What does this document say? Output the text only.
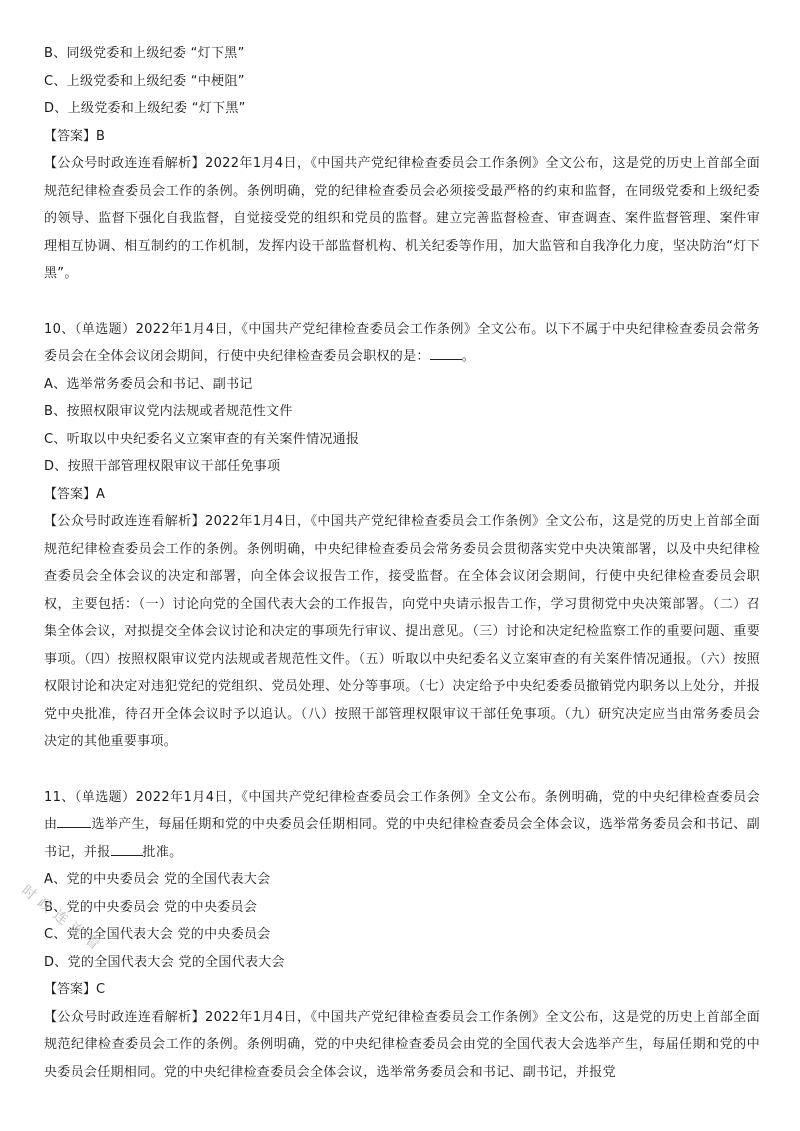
B、同级党委和上级纪委 “灯下黑”
C、上级党委和上级纪委 “中梗阻”
D、上级党委和上级纪委 “灯下黑”
【答案】B
【公众号时政连连看解析】2022年1月4日，《中国共产党纪律检查委员会工作条例》全文公布，这是党的历史上首部全面规范纪律检查委员会工作的条例。条例明确，党的纪律检查委员会必须接受最严格的约束和监督，在同级党委和上级纪委的领导、监督下强化自我监督，自觉接受党的组织和党员的监督。建立完善监督检查、审查调查、案件监督管理、案件审理相互协调、相互制约的工作机制，发挥内设干部监督机构、机关纪委等作用，加大监管和自我净化力度，坚决防治“灯下黑”。
10、（单选题）2022年1月4日，《中国共产党纪律检查委员会工作条例》全文公布。以下不属于中央纪律检查委员会常务委员会在全体会议闭会期间，行使中央纪律检查委员会职权的是： 。
A、选举常务委员会和书记、副书记
B、按照权限审议党内法规或者规范性文件
C、听取以中央纪委名义立案审查的有关案件情况通报
D、按照干部管理权限审议干部任免事项
【答案】A
【公众号时政连连看解析】2022年1月4日，《中国共产党纪律检查委员会工作条例》全文公布，这是党的历史上首部全面规范纪律检查委员会工作的条例。条例明确，中央纪律检查委员会常务委员会贯彻落实党中央决策部署，以及中央纪律检查委员会全体会议的决定和部署，向全体会议报告工作，接受监督。在全体会议闭会期间，行使中央纪律检查委员会职权，主要包括：（一）讨论向党的全国代表大会的工作报告，向党中央请示报告工作，学习贯彻党中央决策部署。（二）召集全体会议，对拟提交全体会议讨论和决定的事项先行审议、提出意见。（三）讨论和决定纪检监察工作的重要问题、重要事项。（四）按照权限审议党内法规或者规范性文件。（五）听取以中央纪委名义立案审查的有关案件情况通报。（六）按照权限讨论和决定对违犯党纪的党组织、党员处理、处分等事项。（七）决定给予中央纪委委员撤销党内职务以上处分，并报党中央批准，待召开全体会议时予以追认。（八）按照干部管理权限审议干部任免事项。（九）研究决定应当由常务委员会决定的其他重要事项。
11、（单选题）2022年1月4日，《中国共产党纪律检查委员会工作条例》全文公布。条例明确，党的中央纪律检查委员会由	选举产生，每届任期和党的中央委员会任期相同。党的中央纪律检查委员会全体会议，选举常务委员会和书记、副书记，并报 批准。
A、党的中央委员会 党的全国代表大会
B、党的中央委员会 党的中央委员会
C、党的全国代表大会 党的中央委员会
D、党的全国代表大会 党的全国代表大会
【答案】C
【公众号时政连连看解析】2022年1月4日，《中国共产党纪律检查委员会工作条例》全文公布，这是党的历史上首部全面规范纪律检查委员会工作的条例。条例明确，党的中央纪律检查委员会由党的全国代表大会选举产生，每届任期和党的中央委员会任期相同。党的中央纪律检查委员会全体会议，选举常务委员会和书记、副书记，并报党
时政连连看
